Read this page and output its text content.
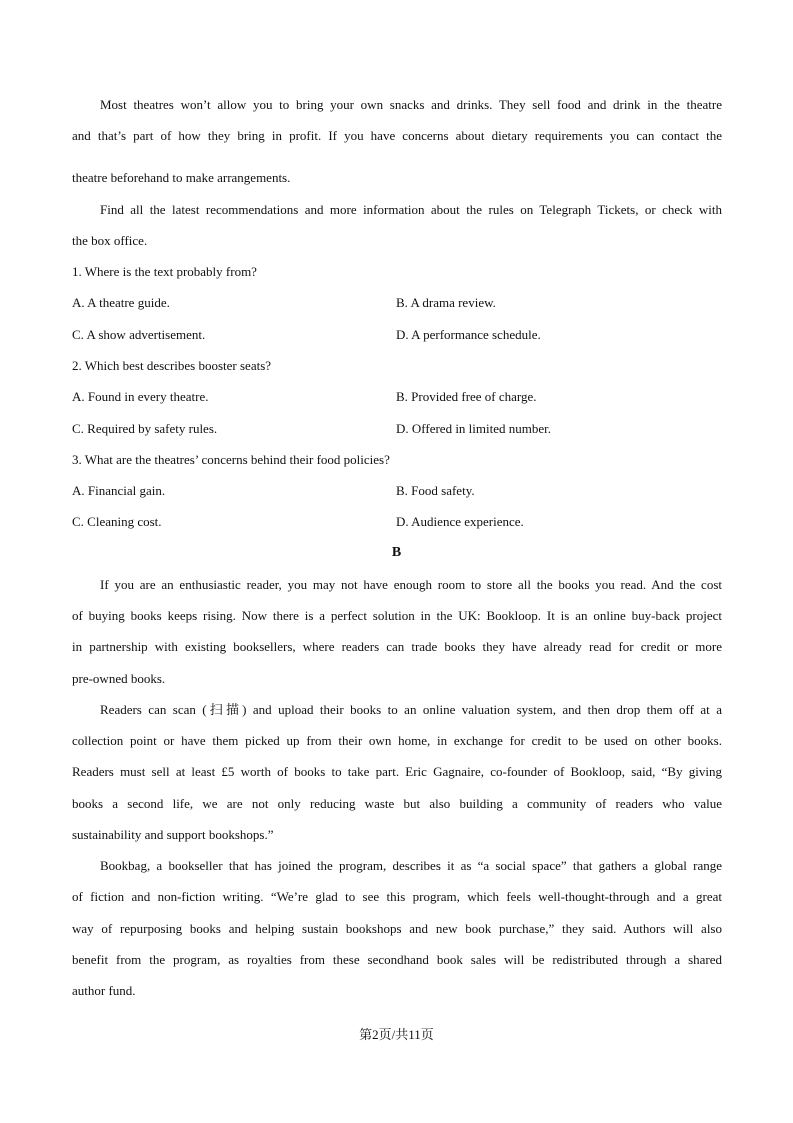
Most theatres won’t allow you to bring your own snacks and drinks. They sell food and drink in the theatre
and that’s part of how they bring in profit. If you have concerns about dietary requirements you can contact the
theatre beforehand to make arrangements.
Find all the latest recommendations and more information about the rules on Telegraph Tickets, or check with
the box office.
1. Where is the text probably from?
A. A theatre guide.	B. A drama review.
C. A show advertisement.	D. A performance schedule.
2. Which best describes booster seats?
A. Found in every theatre.	B. Provided free of charge.
C. Required by safety rules.	D. Offered in limited number.
3. What are the theatres’ concerns behind their food policies?
A. Financial gain.	B. Food safety.
C. Cleaning cost.	D. Audience experience.
B
If you are an enthusiastic reader, you may not have enough room to store all the books you read. And the cost
of buying books keeps rising. Now there is a perfect solution in the UK: Bookloop. It is an online buy-back project
in partnership with existing booksellers, where readers can trade books they have already read for credit or more
pre-owned books.
Readers can scan (扫描) and upload their books to an online valuation system, and then drop them off at a
collection point or have them picked up from their own home, in exchange for credit to be used on other books.
Readers must sell at least £5 worth of books to take part. Eric Gagnaire, co-founder of Bookloop, said, “By giving
books a second life, we are not only reducing waste but also building a community of readers who value
sustainability and support bookshops.”
Bookbag, a bookseller that has joined the program, describes it as “a social space” that gathers a global range
of fiction and non-fiction writing. “We’re glad to see this program, which feels well-thought-through and a great
way of repurposing books and helping sustain bookshops and new book purchase,” they said. Authors will also
benefit from the program, as royalties from these secondhand book sales will be redistributed through a shared
author fund.
第2页/共11页
